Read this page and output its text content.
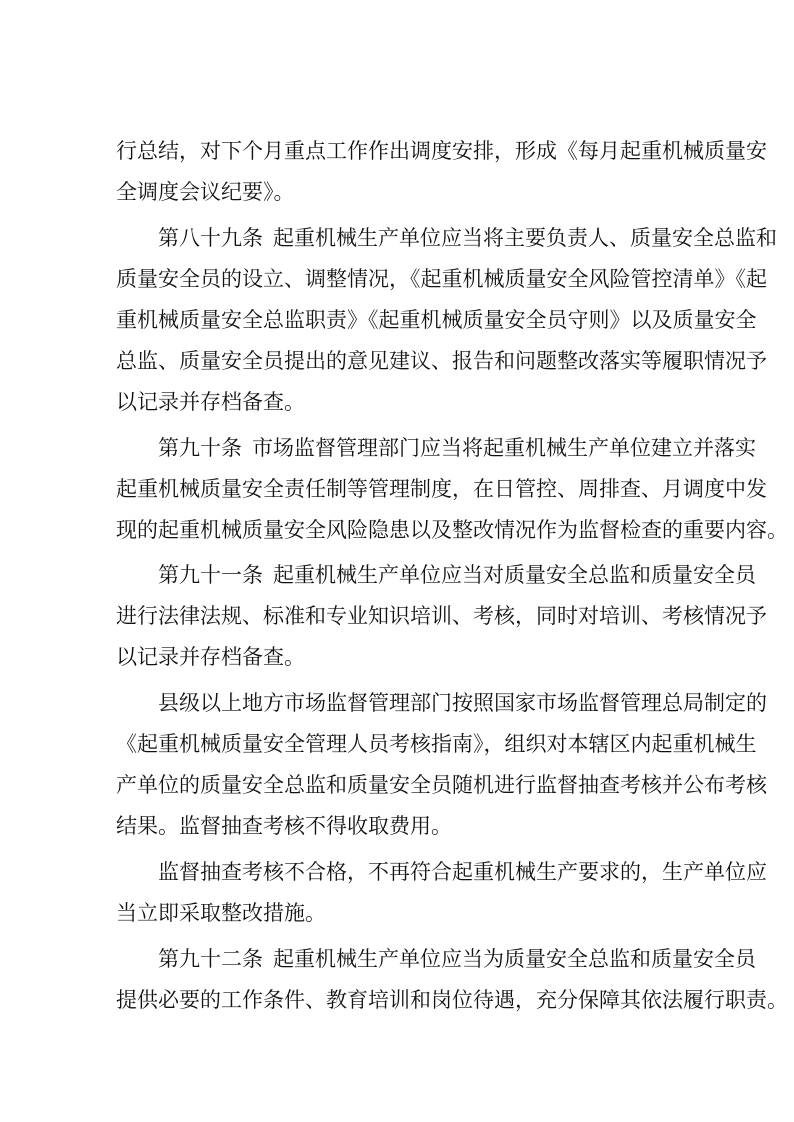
行总结，对下个月重点工作作出调度安排，形成《每月起重机械质量安

全调度会议纪要》。

第八十九条 起重机械生产单位应当将主要负责人、质量安全总监和

质量安全员的设立、调整情况，《起重机械质量安全风险管控清单》《起

重机械质量安全总监职责》《起重机械质量安全员守则》以及质量安全

总监、质量安全员提出的意见建议、报告和问题整改落实等履职情况予

以记录并存档备查。

第九十条 市场监督管理部门应当将起重机械生产单位建立并落实

起重机械质量安全责任制等管理制度，在日管控、周排查、月调度中发

现的起重机械质量安全风险隐患以及整改情况作为监督检查的重要内容。

第九十一条 起重机械生产单位应当对质量安全总监和质量安全员

进行法律法规、标准和专业知识培训、考核，同时对培训、考核情况予

以记录并存档备查。

县级以上地方市场监督管理部门按照国家市场监督管理总局制定的

《起重机械质量安全管理人员考核指南》，组织对本辖区内起重机械生

产单位的质量安全总监和质量安全员随机进行监督抽查考核并公布考核

结果。监督抽查考核不得收取费用。

监督抽查考核不合格，不再符合起重机械生产要求的，生产单位应

当立即采取整改措施。

第九十二条 起重机械生产单位应当为质量安全总监和质量安全员

提供必要的工作条件、教育培训和岗位待遇，充分保障其依法履行职责。
